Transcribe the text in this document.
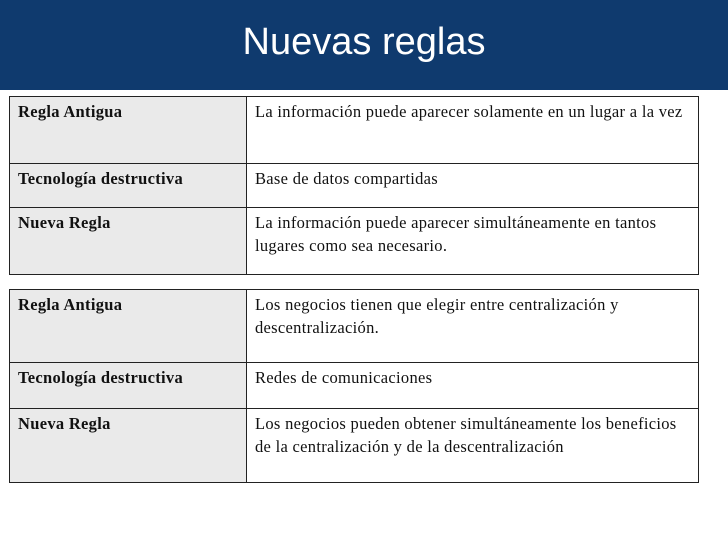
Nuevas reglas
Regla Antigua	La información puede aparecer solamente en un lugar a la vez
Tecnología destructiva	Base de datos compartidas
Nueva Regla	La información puede aparecer simultáneamente en tantos lugares como sea necesario.
Regla Antigua	Los negocios tienen que elegir entre centralización y descentralización.
Tecnología destructiva	Redes de comunicaciones
Nueva Regla	Los negocios pueden obtener simultáneamente los beneficios de la centralización y de la descentralización
